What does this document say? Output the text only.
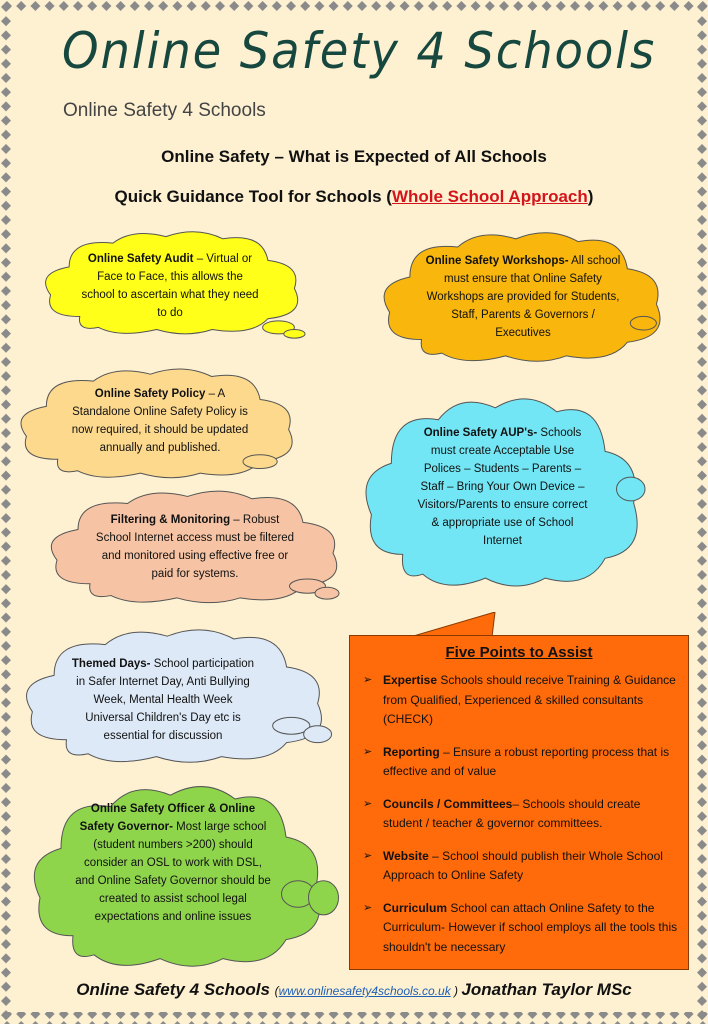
Online Safety 4 Schools
Online Safety 4 Schools
Online Safety – What is Expected of All Schools
Quick Guidance Tool for Schools (Whole School Approach)
Online Safety Audit – Virtual or Face to Face, this allows the school to ascertain what they need to do
Online Safety Workshops- All school must ensure that Online Safety Workshops are provided for Students, Staff, Parents & Governors / Executives
Online Safety Policy – A Standalone Online Safety Policy is now required, it should be updated annually and published.
Online Safety AUP's- Schools must create Acceptable Use Polices – Students – Parents – Staff – Bring Your Own Device – Visitors/Parents to ensure correct & appropriate use of School Internet
Filtering & Monitoring – Robust School Internet access must be filtered and monitored using effective free or paid for systems.
Themed Days- School participation in Safer Internet Day, Anti Bullying Week, Mental Health Week Universal Children's Day etc is essential for discussion
Online Safety Officer & Online Safety Governor- Most large school (student numbers >200) should consider an OSL to work with DSL, and Online Safety Governor should be created to assist school legal expectations and online issues
Five Points to Assist
➢ Expertise Schools should receive Training & Guidance from Qualified, Experienced & skilled consultants (CHECK)
➢ Reporting – Ensure a robust reporting process that is effective and of value
➢ Councils / Committees– Schools should create student / teacher & governor committees.
➢ Website – School should publish their Whole School Approach to Online Safety
➢ Curriculum School can attach Online Safety to the Curriculum- However if school employs all the tools this shouldn't be necessary
Online Safety 4 Schools (www.onlinesafety4schools.co.uk ) Jonathan Taylor MSc
